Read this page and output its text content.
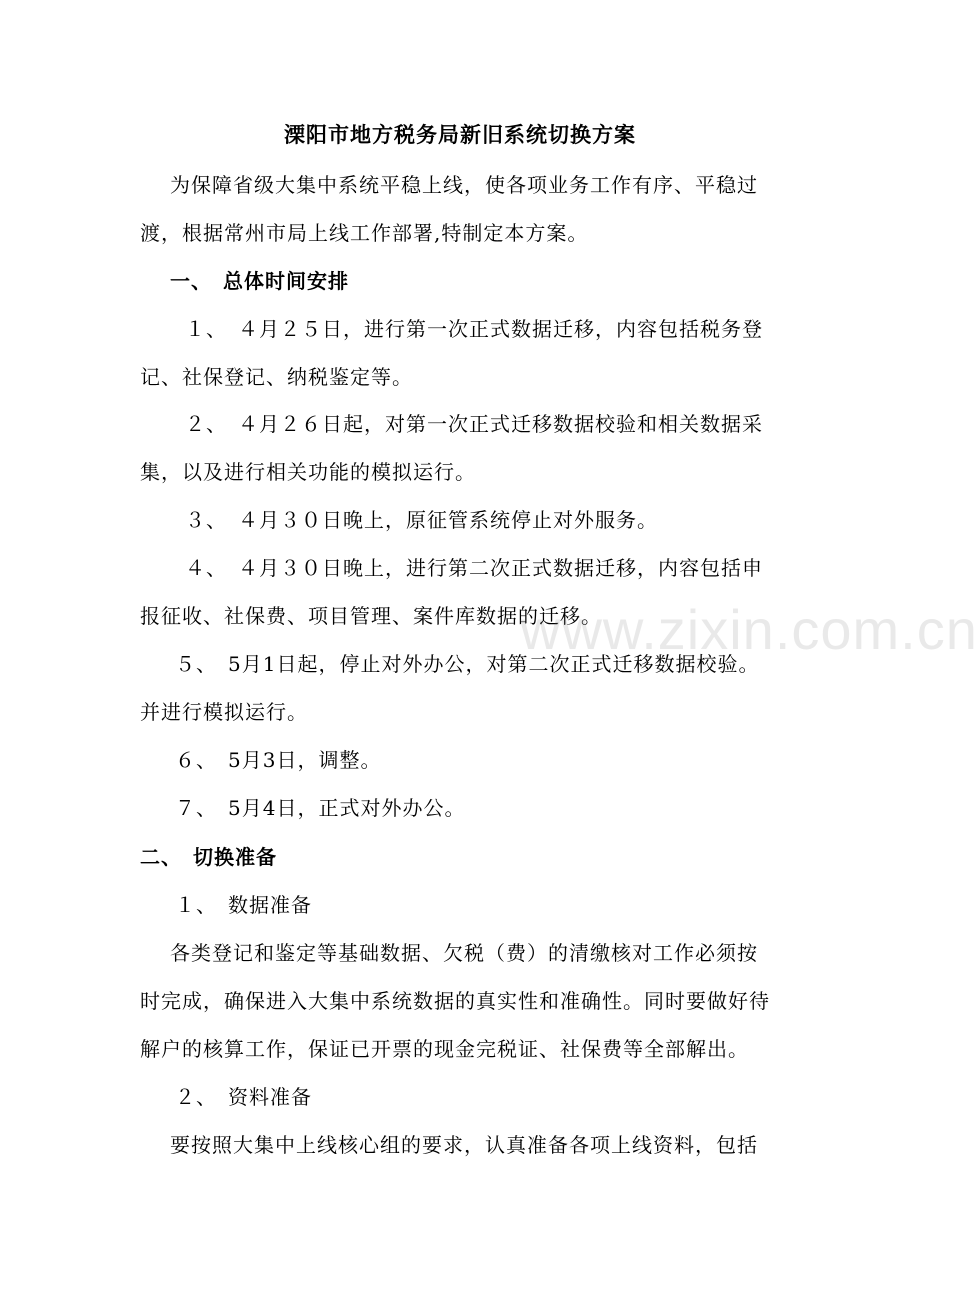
溧阳市地方税务局新旧系统切换方案
为保障省级大集中系统平稳上线，使各项业务工作有序、平稳过
渡，根据常州市局上线工作部署,特制定本方案。
一、　总体时间安排
１、　４月２５日，进行第一次正式数据迁移，内容包括税务登
记、社保登记、纳税鉴定等。
２、　４月２６日起，对第一次正式迁移数据校验和相关数据采
集，以及进行相关功能的模拟运行。
３、　４月３０日晚上，原征管系统停止对外服务。
４、　４月３０日晚上，进行第二次正式数据迁移，内容包括申
报征收、社保费、项目管理、案件库数据的迁移。
５、　5月1日起，停止对外办公，对第二次正式迁移数据校验。
并进行模拟运行。
６、　5月3日，调整。
７、　5月4日，正式对外办公。
二、　切换准备
１、　数据准备
各类登记和鉴定等基础数据、欠税（费）的清缴核对工作必须按
时完成，确保进入大集中系统数据的真实性和准确性。同时要做好待
解户的核算工作，保证已开票的现金完税证、社保费等全部解出。
２、　资料准备
要按照大集中上线核心组的要求，认真准备各项上线资料，包括
www.zixin.com.cn
